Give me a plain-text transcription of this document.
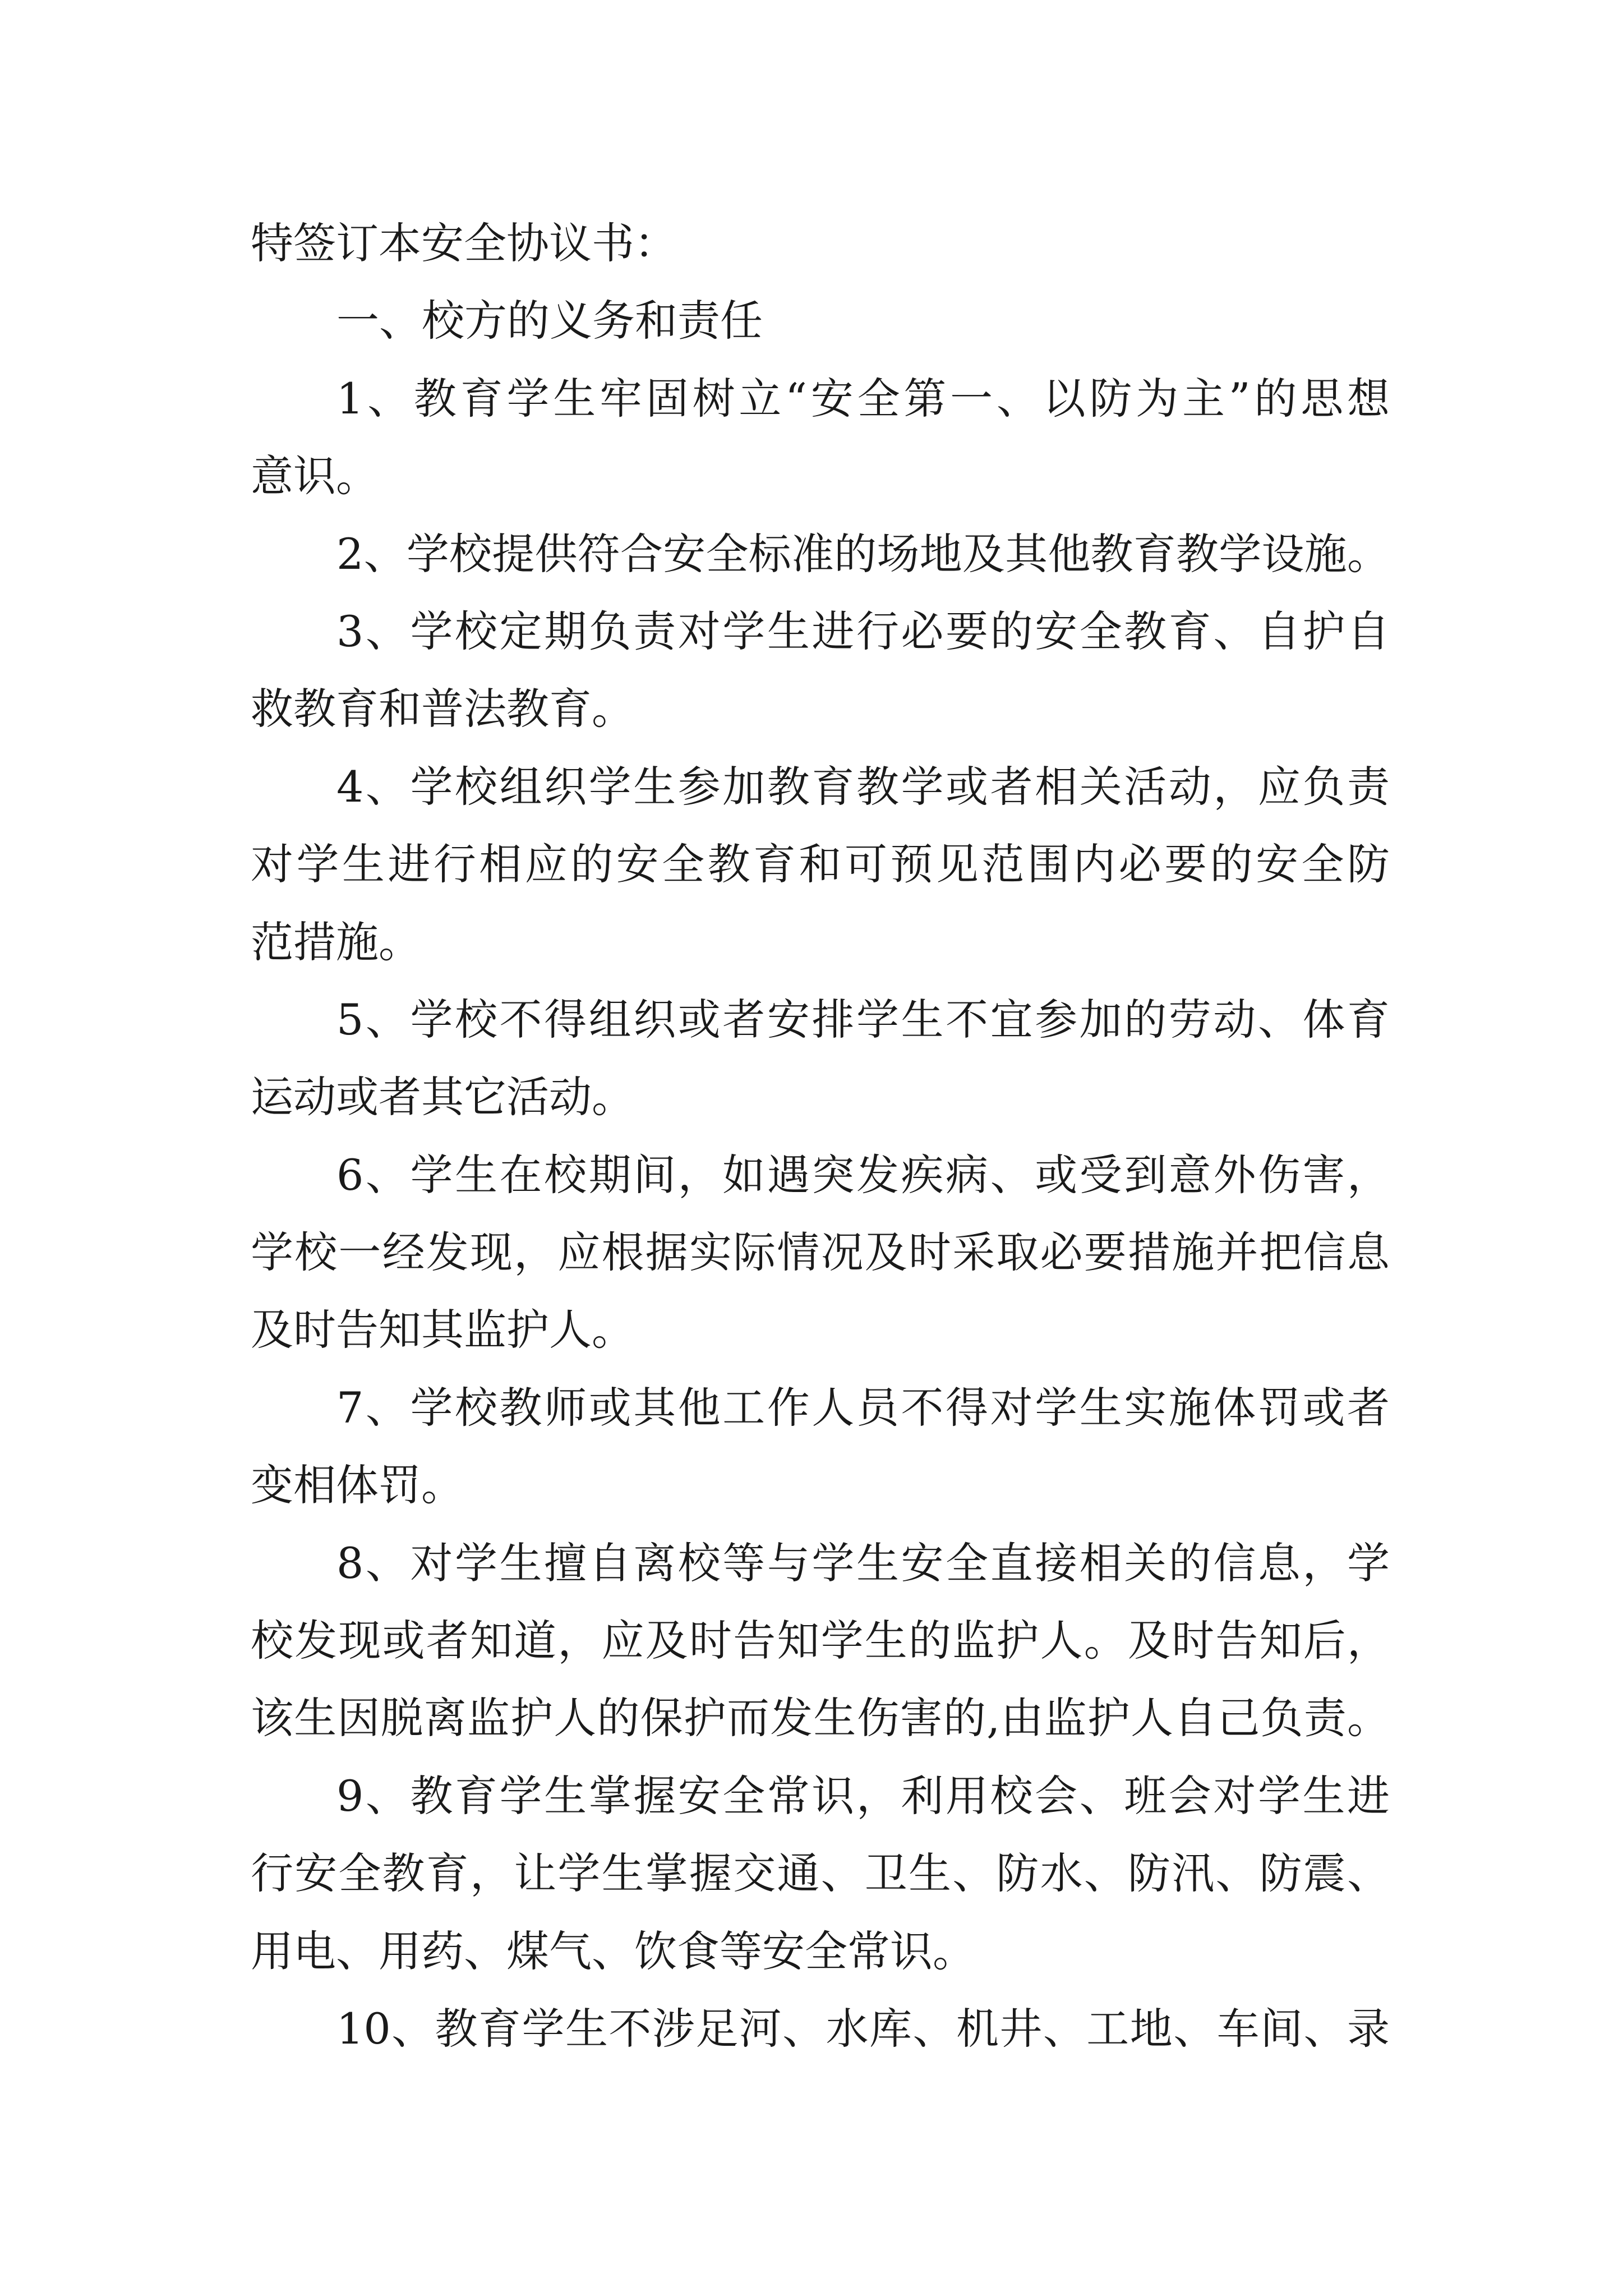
特签订本安全协议书：
一、校方的义务和责任
1、教育学生牢固树立“安全第一、以防为主”的思想
意识。
2、学校提供符合安全标准的场地及其他教育教学设施。
3、学校定期负责对学生进行必要的安全教育、自护自
救教育和普法教育。
4、学校组织学生参加教育教学或者相关活动，应负责
对学生进行相应的安全教育和可预见范围内必要的安全防
范措施。
5、学校不得组织或者安排学生不宜参加的劳动、体育
运动或者其它活动。
6、学生在校期间，如遇突发疾病、或受到意外伤害，
学校一经发现，应根据实际情况及时采取必要措施并把信息
及时告知其监护人。
7、学校教师或其他工作人员不得对学生实施体罚或者
变相体罚。
8、对学生擅自离校等与学生安全直接相关的信息，学
校发现或者知道，应及时告知学生的监护人。及时告知后，
该生因脱离监护人的保护而发生伤害的,由监护人自己负责。
9、教育学生掌握安全常识，利用校会、班会对学生进
行安全教育，让学生掌握交通、卫生、防水、防汛、防震、
用电、用药、煤气、饮食等安全常识。
10、教育学生不涉足河、水库、机井、工地、车间、录
